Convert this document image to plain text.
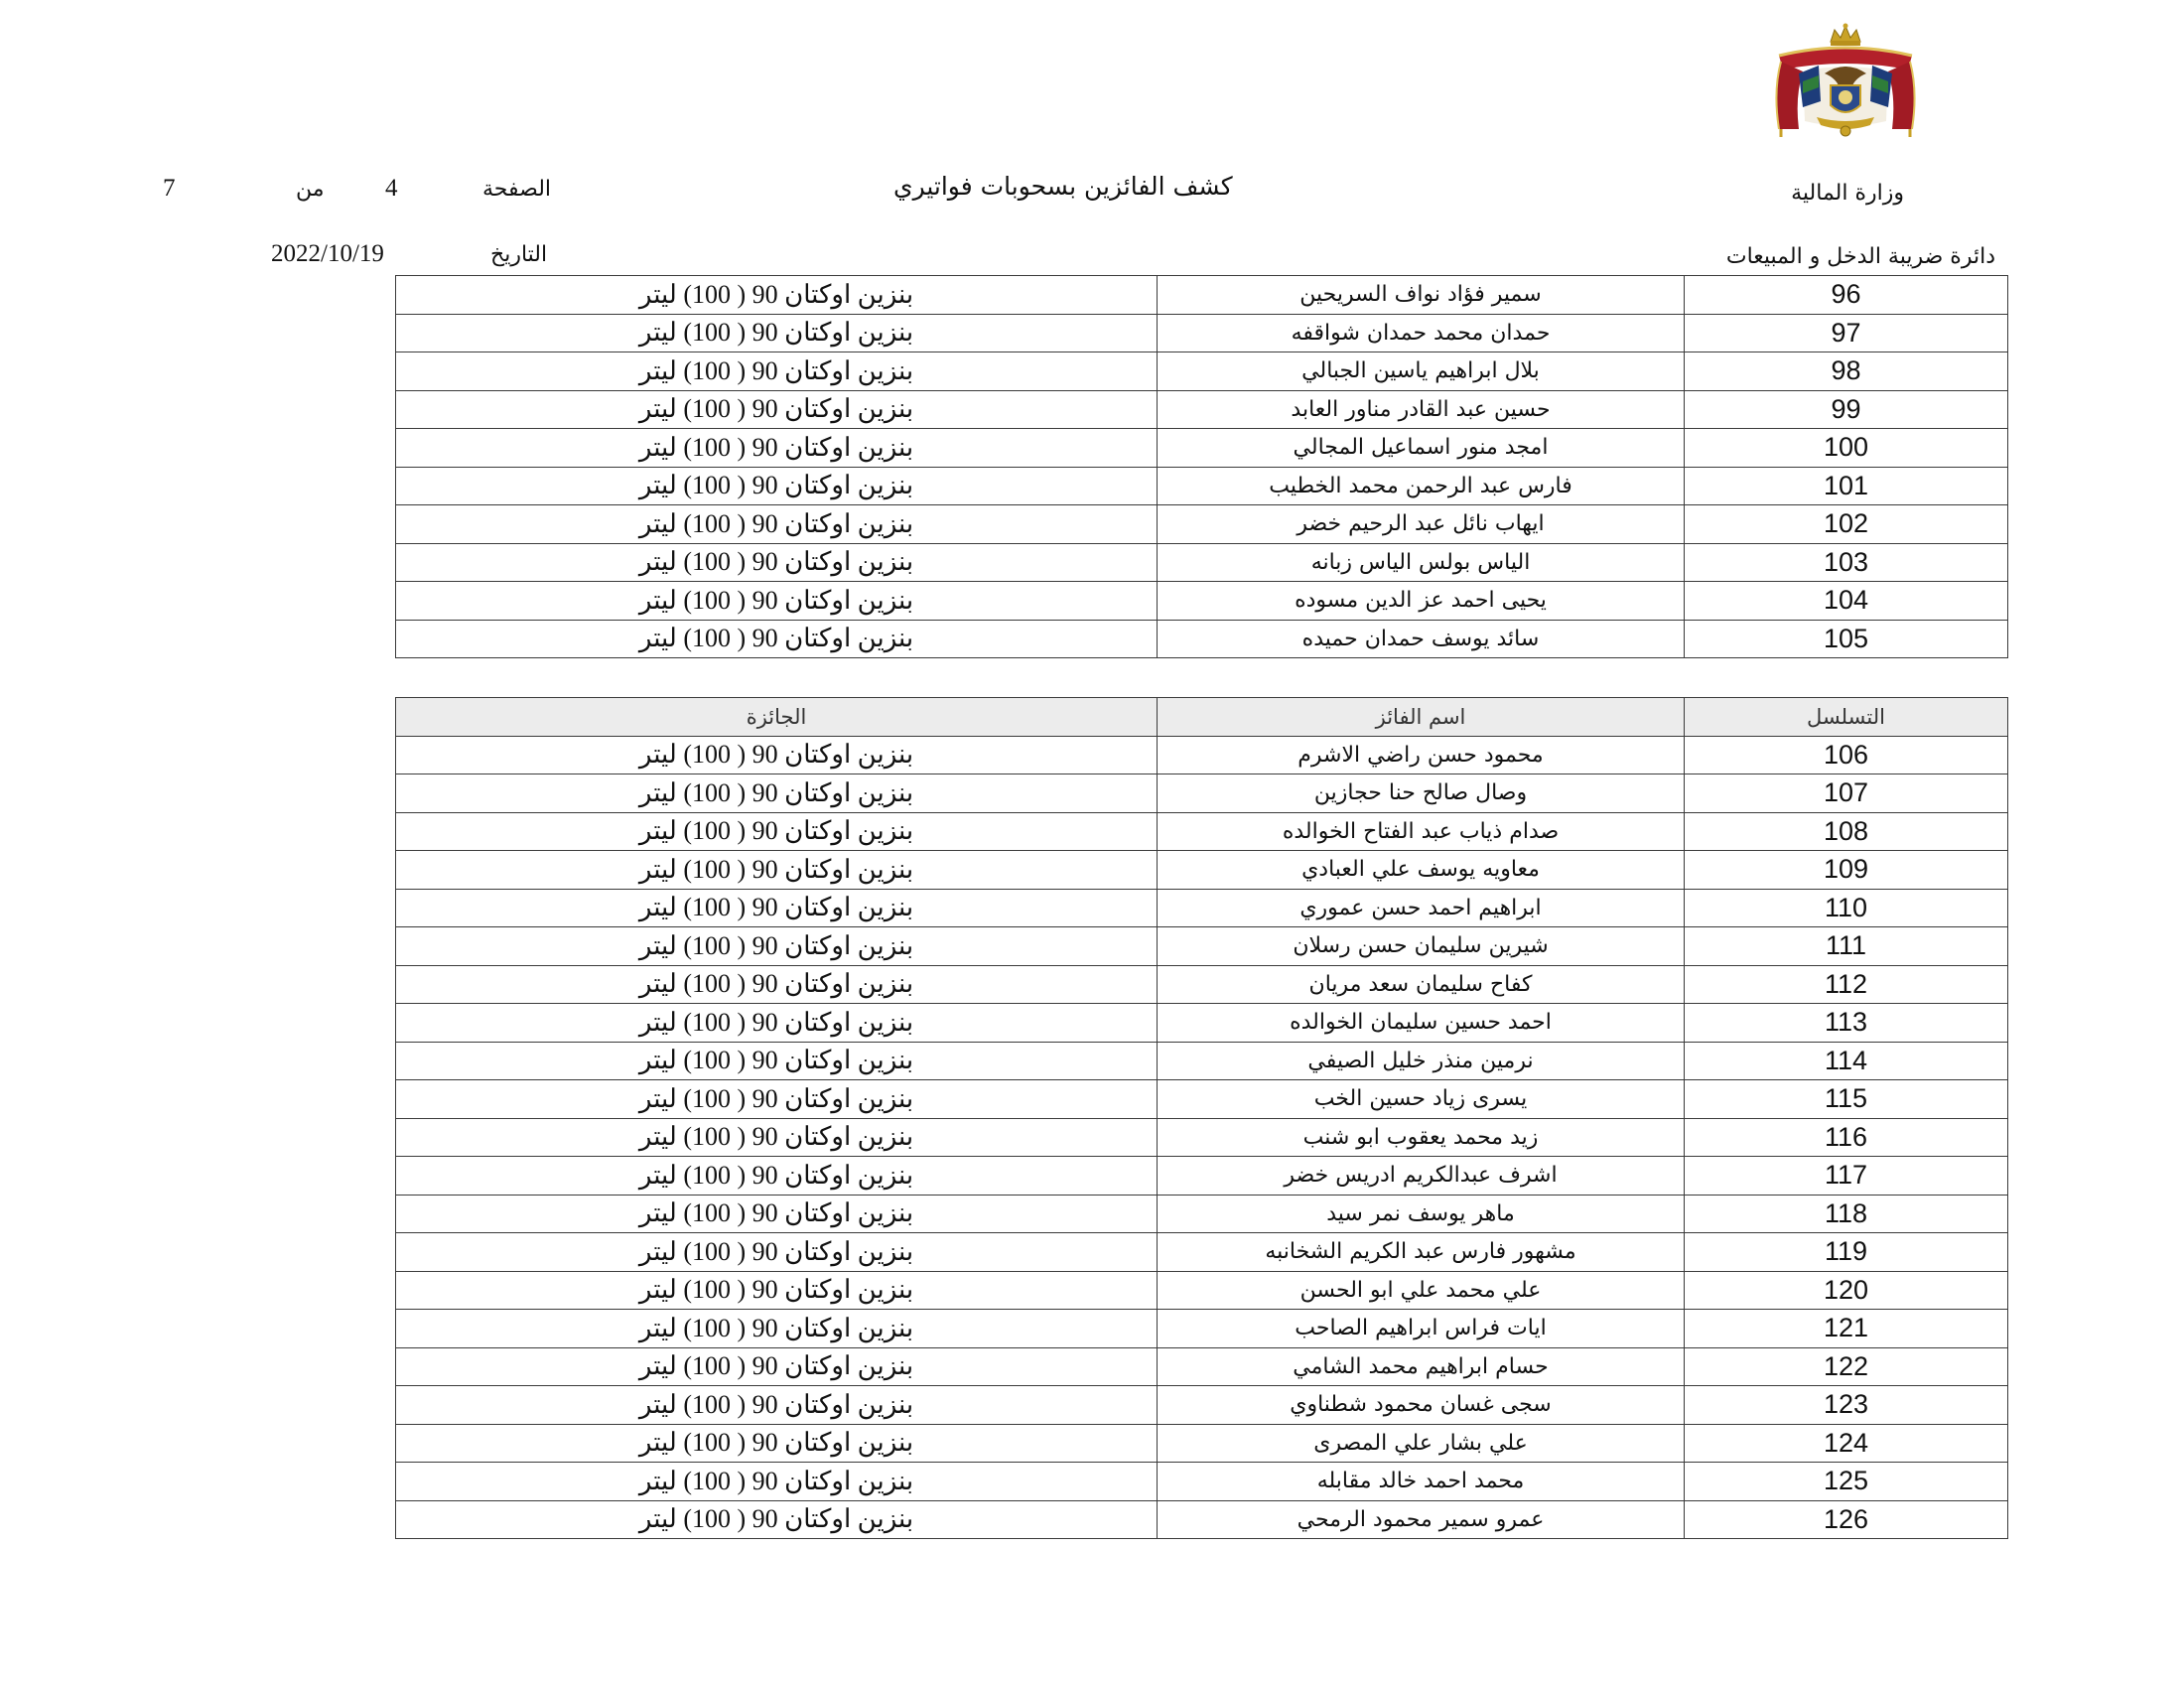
وزارة المالية
دائرة ضريبة الدخل و المبيعات
كشف الفائزين بسحوبات فواتيري
الصفحة
4
من
7
التاريخ
2022/10/19
96	سمير فؤاد نواف السريحين	بنزين اوكتان 90 ( 100) ليتر
97	حمدان محمد حمدان شواقفه	بنزين اوكتان 90 ( 100) ليتر
98	بلال ابراهيم ياسين الجبالي	بنزين اوكتان 90 ( 100) ليتر
99	حسين عبد القادر مناور العابد	بنزين اوكتان 90 ( 100) ليتر
100	امجد منور اسماعيل المجالي	بنزين اوكتان 90 ( 100) ليتر
101	فارس عبد الرحمن محمد الخطيب	بنزين اوكتان 90 ( 100) ليتر
102	ايهاب نائل عبد الرحيم خضر	بنزين اوكتان 90 ( 100) ليتر
103	الياس بولس الياس زبانه	بنزين اوكتان 90 ( 100) ليتر
104	يحيى احمد عز الدين مسوده	بنزين اوكتان 90 ( 100) ليتر
105	سائد يوسف حمدان حميده	بنزين اوكتان 90 ( 100) ليتر
التسلسل	اسم الفائز	الجائزة
106	محمود حسن راضي الاشرم	بنزين اوكتان 90 ( 100) ليتر
107	وصال صالح حنا حجازين	بنزين اوكتان 90 ( 100) ليتر
108	صدام ذياب عبد الفتاح الخوالده	بنزين اوكتان 90 ( 100) ليتر
109	معاويه يوسف علي العبادي	بنزين اوكتان 90 ( 100) ليتر
110	ابراهيم احمد حسن عموري	بنزين اوكتان 90 ( 100) ليتر
111	شيرين سليمان حسن رسلان	بنزين اوكتان 90 ( 100) ليتر
112	كفاح سليمان سعد مريان	بنزين اوكتان 90 ( 100) ليتر
113	احمد حسين سليمان الخوالده	بنزين اوكتان 90 ( 100) ليتر
114	نرمين منذر خليل الصيفي	بنزين اوكتان 90 ( 100) ليتر
115	يسرى زياد حسين الخب	بنزين اوكتان 90 ( 100) ليتر
116	زيد محمد يعقوب ابو شنب	بنزين اوكتان 90 ( 100) ليتر
117	اشرف عبدالكريم ادريس خضر	بنزين اوكتان 90 ( 100) ليتر
118	ماهر يوسف نمر سيد	بنزين اوكتان 90 ( 100) ليتر
119	مشهور فارس عبد الكريم الشخانبه	بنزين اوكتان 90 ( 100) ليتر
120	علي محمد علي ابو الحسن	بنزين اوكتان 90 ( 100) ليتر
121	ايات فراس ابراهيم الصاحب	بنزين اوكتان 90 ( 100) ليتر
122	حسام ابراهيم محمد الشامي	بنزين اوكتان 90 ( 100) ليتر
123	سجى غسان محمود شطناوي	بنزين اوكتان 90 ( 100) ليتر
124	علي بشار علي المصرى	بنزين اوكتان 90 ( 100) ليتر
125	محمد احمد خالد مقابله	بنزين اوكتان 90 ( 100) ليتر
126	عمرو سمير محمود الرمحي	بنزين اوكتان 90 ( 100) ليتر
